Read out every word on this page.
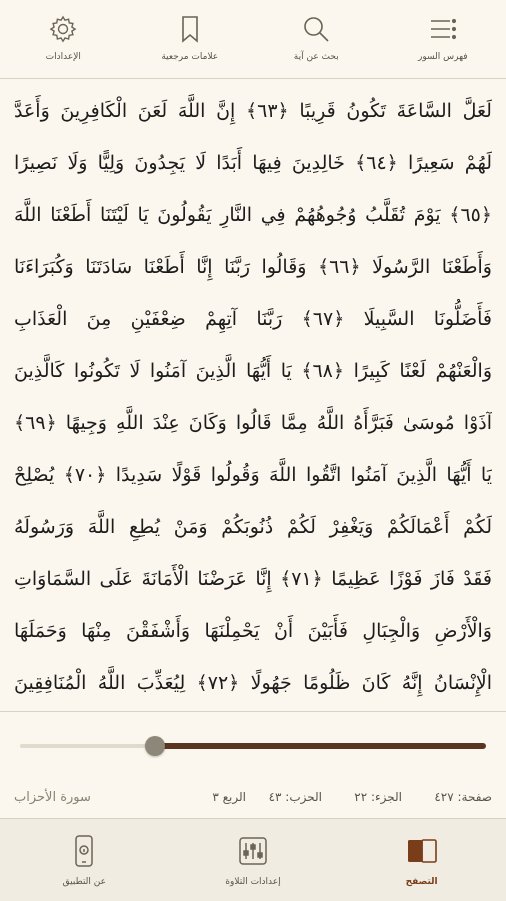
الإعدادات	علامات مرجعية	بحث عن آية	فهرس السور
لَعَلَّ السَّاعَةَ تَكُونُ قَرِيبًا ﴿٦٣﴾ إِنَّ اللَّهَ لَعَنَ الْكَافِرِينَ وَأَعَدَّ
لَهُمْ سَعِيرًا ﴿٦٤﴾ خَالِدِينَ فِيهَا أَبَدًا لَا يَجِدُونَ وَلِيًّا وَلَا نَصِيرًا
﴿٦٥﴾ يَوْمَ تُقَلَّبُ وُجُوهُهُمْ فِي النَّارِ يَقُولُونَ يَا لَيْتَنَا أَطَعْنَا اللَّهَ
وَأَطَعْنَا الرَّسُولَا ﴿٦٦﴾ وَقَالُوا رَبَّنَا إِنَّا أَطَعْنَا سَادَتَنَا وَكُبَرَاءَنَا
فَأَضَلُّونَا السَّبِيلَا ﴿٦٧﴾ رَبَّنَا آتِهِمْ ضِعْفَيْنِ مِنَ الْعَذَابِ
وَالْعَنْهُمْ لَعْنًا كَبِيرًا ﴿٦٨﴾ يَا أَيُّهَا الَّذِينَ آمَنُوا لَا تَكُونُوا كَالَّذِينَ
آذَوْا مُوسَىٰ فَبَرَّأَهُ اللَّهُ مِمَّا قَالُوا وَكَانَ عِنْدَ اللَّهِ وَجِيهًا ﴿٦٩﴾
يَا أَيُّهَا الَّذِينَ آمَنُوا اتَّقُوا اللَّهَ وَقُولُوا قَوْلًا سَدِيدًا ﴿٧٠﴾ يُصْلِحْ
لَكُمْ أَعْمَالَكُمْ وَيَغْفِرْ لَكُمْ ذُنُوبَكُمْ وَمَنْ يُطِعِ اللَّهَ وَرَسُولَهُ
فَقَدْ فَازَ فَوْزًا عَظِيمًا ﴿٧١﴾ إِنَّا عَرَضْنَا الْأَمَانَةَ عَلَى السَّمَاوَاتِ
وَالْأَرْضِ وَالْجِبَالِ فَأَبَيْنَ أَنْ يَحْمِلْنَهَا وَأَشْفَقْنَ مِنْهَا وَحَمَلَهَا
الْإِنْسَانُ إِنَّهُ كَانَ ظَلُومًا جَهُولًا ﴿٧٢﴾ لِيُعَذِّبَ اللَّهُ الْمُنَافِقِينَ
صفحة: ٤٢٧
الجزء: ٢٢
الحزب: ٤٣
الربع ٣
سورة الأحزاب
التصفح
إعدادات التلاوة
عن التطبيق
